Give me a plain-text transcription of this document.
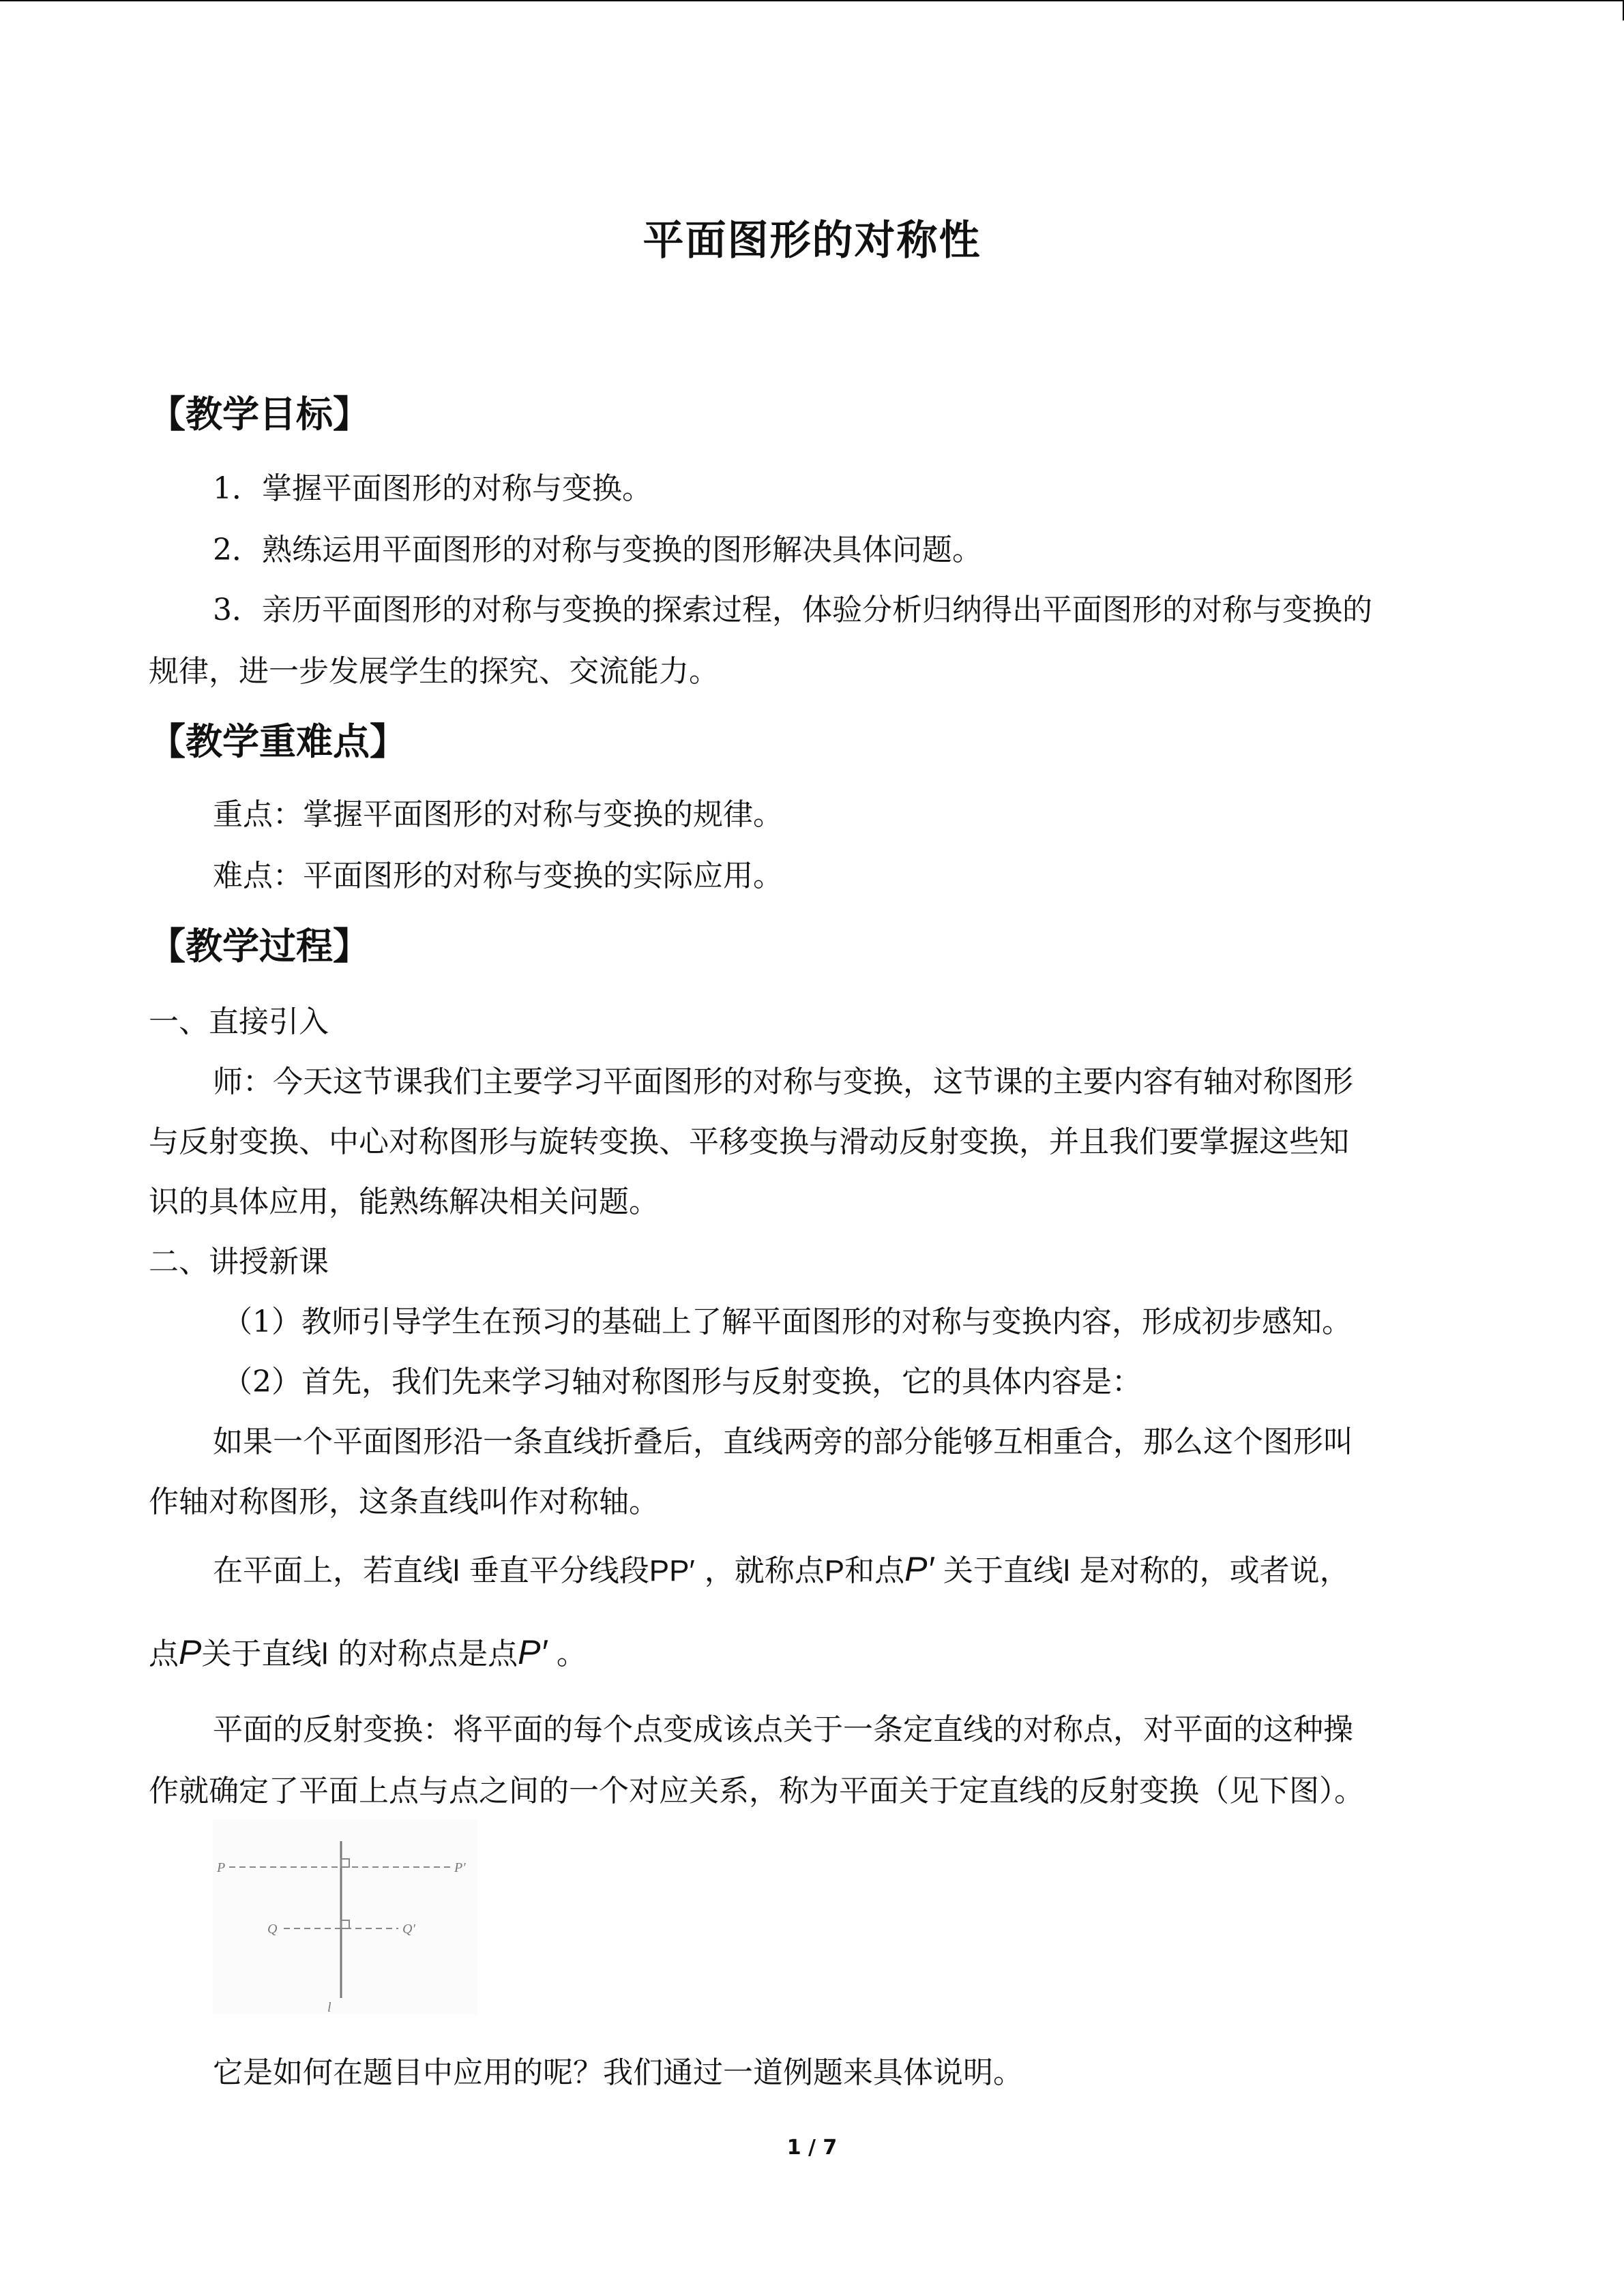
平面图形的对称性
【教学目标】
1．掌握平面图形的对称与变换。
2．熟练运用平面图形的对称与变换的图形解决具体问题。
3．亲历平面图形的对称与变换的探索过程，体验分析归纳得出平面图形的对称与变换的
规律，进一步发展学生的探究、交流能力。
【教学重难点】
重点：掌握平面图形的对称与变换的规律。
难点：平面图形的对称与变换的实际应用。
【教学过程】
一、直接引入
师：今天这节课我们主要学习平面图形的对称与变换，这节课的主要内容有轴对称图形
与反射变换、中心对称图形与旋转变换、平移变换与滑动反射变换，并且我们要掌握这些知
识的具体应用，能熟练解决相关问题。
二、讲授新课
（1）教师引导学生在预习的基础上了解平面图形的对称与变换内容，形成初步感知。
（2）首先，我们先来学习轴对称图形与反射变换，它的具体内容是：
如果一个平面图形沿一条直线折叠后，直线两旁的部分能够互相重合，那么这个图形叫
作轴对称图形，这条直线叫作对称轴。
在平面上，若直线l 垂直平分线段PP′ ，就称点P和点P′ 关于直线l 是对称的，或者说，
点P关于直线l 的对称点是点P′ 。
平面的反射变换：将平面的每个点变成该点关于一条定直线的对称点，对平面的这种操
作就确定了平面上点与点之间的一个对应关系，称为平面关于定直线的反射变换（见下图）。
P	P′
Q	Q′
l
它是如何在题目中应用的呢？我们通过一道例题来具体说明。
1 / 7
